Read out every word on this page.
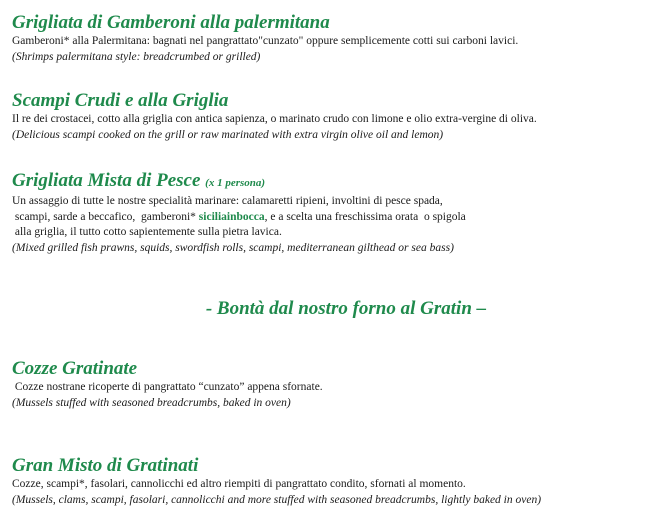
Grigliata di Gamberoni alla palermitana
Gamberoni* alla Palermitana: bagnati nel pangrattato"cunzato" oppure semplicemente cotti sui carboni lavici.
(Shrimps palermitana style: breadcrumbed or grilled)
Scampi Crudi e alla Griglia
Il re dei crostacei, cotto alla griglia con antica sapienza, o marinato crudo con limone e olio extra-vergine di oliva.
(Delicious scampi cooked on the grill or raw marinated with extra virgin olive oil and lemon)
Grigliata Mista di Pesce (x 1 persona)
Un assaggio di tutte le nostre specialità marinare: calamaretti ripieni, involtini di pesce spada,
scampi, sarde a beccafico,  gamberoni* siciliainbocca, e a scelta una freschissima orata  o spigola
alla griglia, il tutto cotto sapientemente sulla pietra lavica.
(Mixed grilled fish prawns, squids, swordfish rolls, scampi, mediterranean gilthead or sea bass)
- Bontà dal nostro forno al Gratin –
Cozze Gratinate
Cozze nostrane ricoperte di pangrattato “cunzato” appena sfornate.
(Mussels stuffed with seasoned breadcrumbs, baked in oven)
Gran Misto di Gratinati
Cozze, scampi*, fasolari, cannolicchi ed altro riempiti di pangrattato condito, sfornati al momento.
(Mussels, clams, scampi, fasolari, cannolicchi and more stuffed with seasoned breadcrumbs, lightly baked in oven)
